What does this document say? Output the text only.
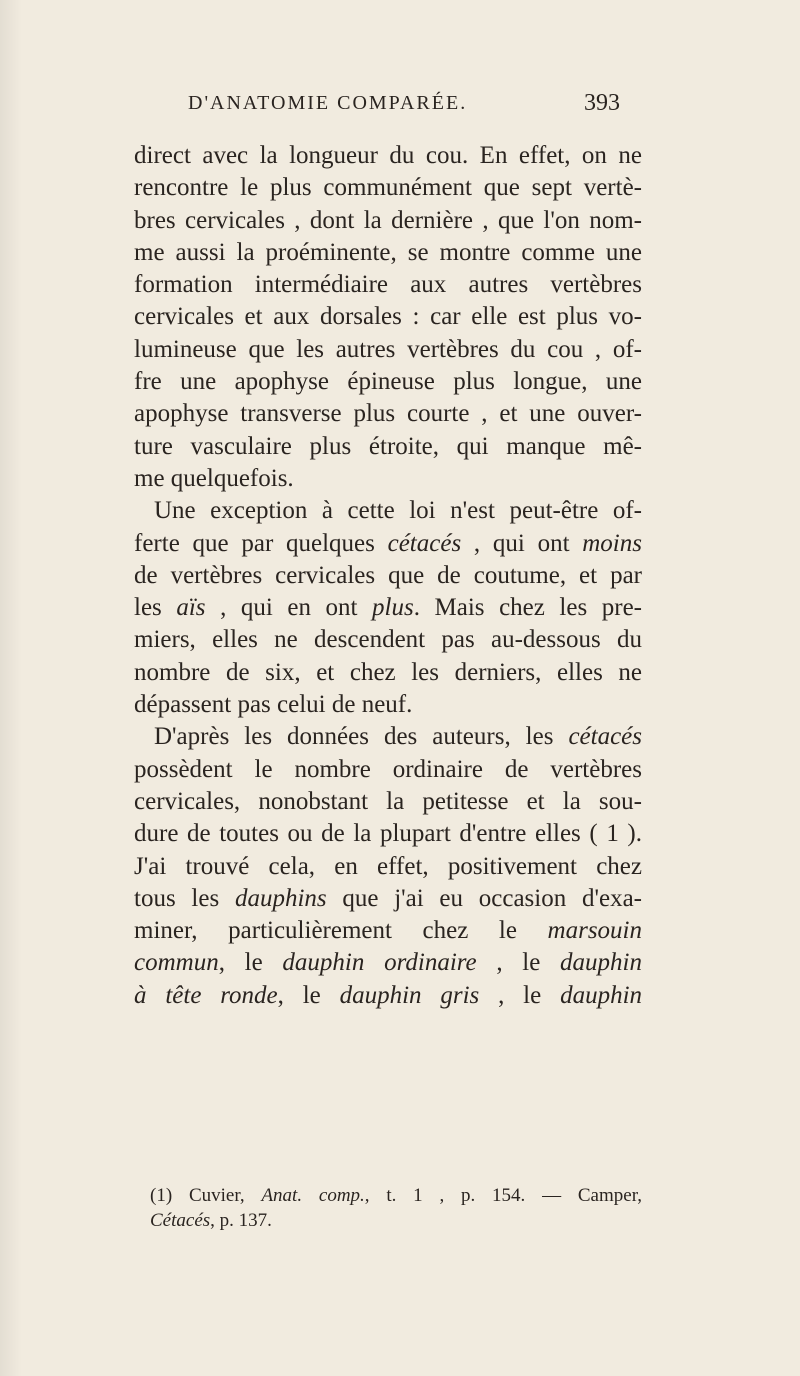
D'ANATOMIE COMPARÉE.	393
direct avec la longueur du cou. En effet, on ne
rencontre le plus communément que sept vertè-
bres cervicales , dont la dernière , que l'on nom-
me aussi la proéminente, se montre comme une
formation intermédiaire aux autres vertèbres
cervicales et aux dorsales : car elle est plus vo-
lumineuse que les autres vertèbres du cou , of-
fre une apophyse épineuse plus longue, une
apophyse transverse plus courte , et une ouver-
ture vasculaire plus étroite, qui manque mê-
me quelquefois.
Une exception à cette loi n'est peut-être of-
ferte que par quelques cétacés , qui ont moins
de vertèbres cervicales que de coutume, et par
les aïs , qui en ont plus. Mais chez les pre-
miers, elles ne descendent pas au-dessous du
nombre de six, et chez les derniers, elles ne
dépassent pas celui de neuf.
D'après les données des auteurs, les cétacés
possèdent le nombre ordinaire de vertèbres
cervicales, nonobstant la petitesse et la sou-
dure de toutes ou de la plupart d'entre elles ( 1 ).
J'ai trouvé cela, en effet, positivement chez
tous les dauphins que j'ai eu occasion d'exa-
miner, particulièrement chez le marsouin
commun, le dauphin ordinaire , le dauphin
à tête ronde, le dauphin gris , le dauphin
(1) Cuvier, Anat. comp., t. 1 , p. 154. — Camper,
Cétacés, p. 137.
